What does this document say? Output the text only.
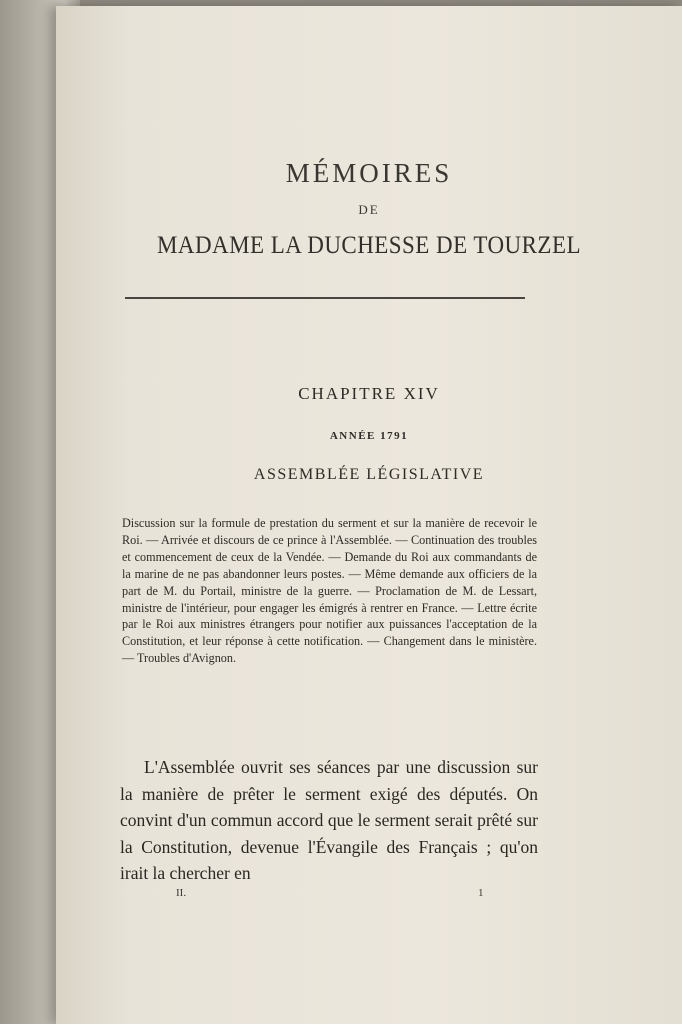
MÉMOIRES
DE
MADAME LA DUCHESSE DE TOURZEL
CHAPITRE XIV
ANNÉE 1791
ASSEMBLÉE LÉGISLATIVE
Discussion sur la formule de prestation du serment et sur la manière de recevoir le Roi. — Arrivée et discours de ce prince à l'Assemblée. — Continuation des troubles et commencement de ceux de la Vendée. — Demande du Roi aux commandants de la marine de ne pas abandonner leurs postes. — Même demande aux officiers de la part de M. du Portail, ministre de la guerre. — Proclamation de M. de Lessart, ministre de l'intérieur, pour engager les émigrés à rentrer en France. — Lettre écrite par le Roi aux ministres étrangers pour notifier aux puissances l'acceptation de la Constitution, et leur réponse à cette notification. — Changement dans le ministère. — Troubles d'Avignon.
L'Assemblée ouvrit ses séances par une discussion sur la manière de prêter le serment exigé des députés. On convint d'un commun accord que le serment serait prêté sur la Constitution, devenue l'Évangile des Français ; qu'on irait la chercher en
II.	1
